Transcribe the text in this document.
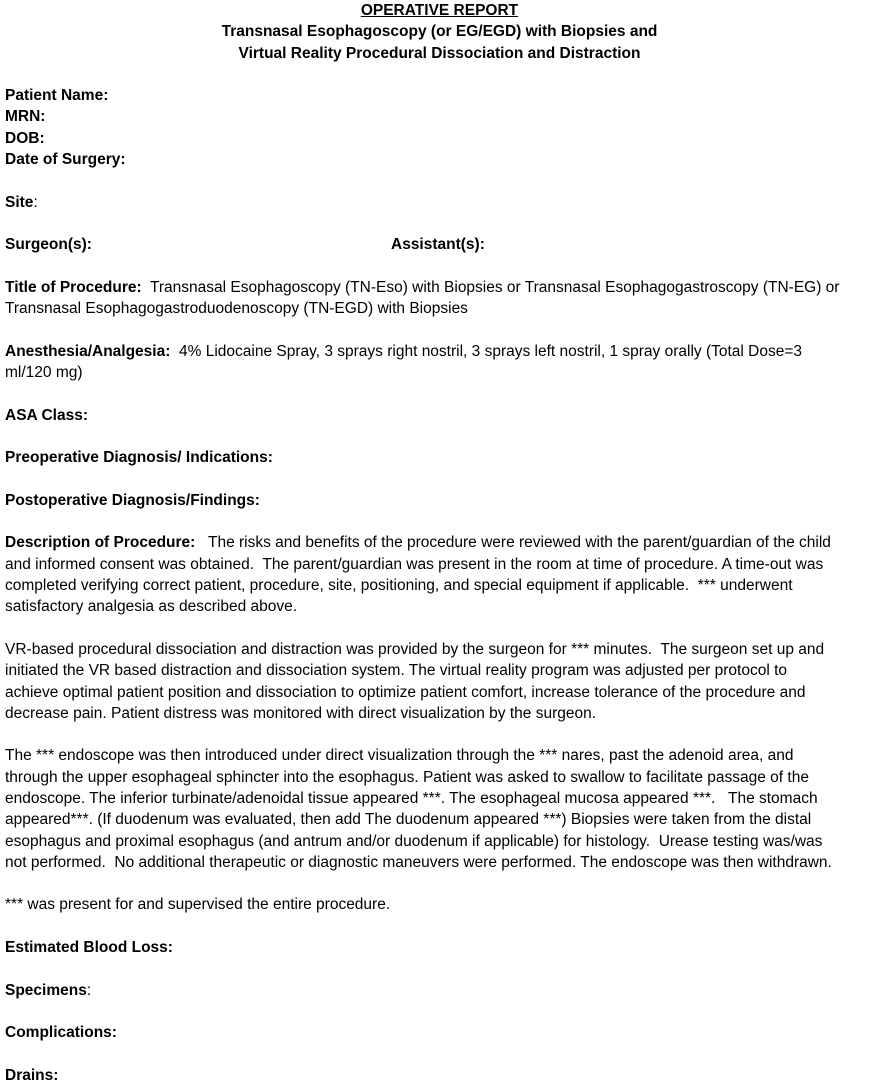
OPERATIVE REPORT
Transnasal Esophagoscopy (or EG/EGD) with Biopsies and
Virtual Reality Procedural Dissociation and Distraction
Patient Name:
MRN:
DOB:
Date of Surgery:
Site:
Surgeon(s):	Assistant(s):
Title of Procedure:  Transnasal Esophagoscopy (TN-Eso) with Biopsies or Transnasal Esophagogastroscopy (TN-EG) or
Transnasal Esophagogastroduodenoscopy (TN-EGD) with Biopsies
Anesthesia/Analgesia:  4% Lidocaine Spray, 3 sprays right nostril, 3 sprays left nostril, 1 spray orally (Total Dose=3
ml/120 mg)
ASA Class:
Preoperative Diagnosis/ Indications:
Postoperative Diagnosis/Findings:
Description of Procedure:   The risks and benefits of the procedure were reviewed with the parent/guardian of the child
and informed consent was obtained.  The parent/guardian was present in the room at time of procedure. A time-out was
completed verifying correct patient, procedure, site, positioning, and special equipment if applicable.  *** underwent
satisfactory analgesia as described above.
VR-based procedural dissociation and distraction was provided by the surgeon for *** minutes.  The surgeon set up and
initiated the VR based distraction and dissociation system. The virtual reality program was adjusted per protocol to
achieve optimal patient position and dissociation to optimize patient comfort, increase tolerance of the procedure and
decrease pain. Patient distress was monitored with direct visualization by the surgeon.
The *** endoscope was then introduced under direct visualization through the *** nares, past the adenoid area, and
through the upper esophageal sphincter into the esophagus. Patient was asked to swallow to facilitate passage of the
endoscope. The inferior turbinate/adenoidal tissue appeared ***. The esophageal mucosa appeared ***.   The stomach
appeared***. (If duodenum was evaluated, then add The duodenum appeared ***) Biopsies were taken from the distal
esophagus and proximal esophagus (and antrum and/or duodenum if applicable) for histology.  Urease testing was/was
not performed.  No additional therapeutic or diagnostic maneuvers were performed. The endoscope was then withdrawn.
*** was present for and supervised the entire procedure.
Estimated Blood Loss:
Specimens:
Complications:
Drains:
